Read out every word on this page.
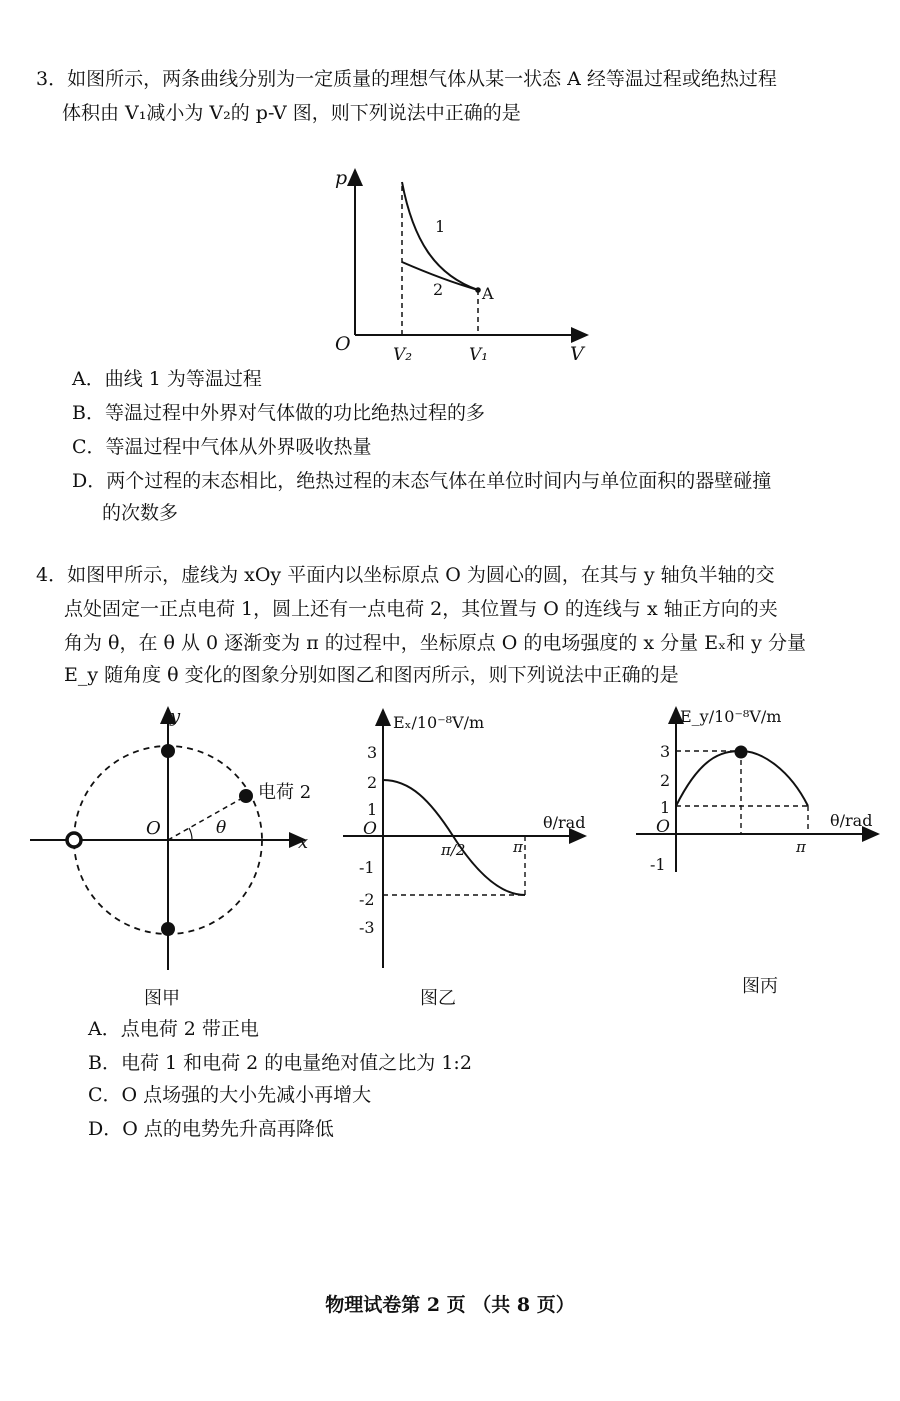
3．如图所示，两条曲线分别为一定质量的理想气体从某一状态 A 经等温过程或绝热过程
体积由 V₁减小为 V₂的 p-V 图，则下列说法中正确的是
p
V
O V₂	V₁
1
2 A
A．曲线 1 为等温过程
B．等温过程中外界对气体做的功比绝热过程的多
C．等温过程中气体从外界吸收热量
D．两个过程的末态相比，绝热过程的末态气体在单位时间内与单位面积的器壁碰撞
的次数多
4．如图甲所示，虚线为 xOy 平面内以坐标原点 O 为圆心的圆，在其与 y 轴负半轴的交
点处固定一正点电荷 1，圆上还有一点电荷 2，其位置与 O 的连线与 x 轴正方向的夹
角为 θ，在 θ 从 0 逐渐变为 π 的过程中，坐标原点 O 的电场强度的 x 分量 Eₓ和 y 分量
E_y 随角度 θ 变化的图象分别如图乙和图丙所示，则下列说法中正确的是
x
y
O	θ
电荷 2
图甲
Eₓ/10⁻⁸V/m
θ/rad
O
3
2
1
-1
-2
-3
π/2	π
图乙
E_y/10⁻⁸V/m
θ/rad
O
3
2
1
-1
π
图丙
A．点电荷 2 带正电
B．电荷 1 和电荷 2 的电量绝对值之比为 1:2
C．O 点场强的大小先减小再增大
D．O 点的电势先升高再降低
物理试卷第 2 页 （共 8 页）
